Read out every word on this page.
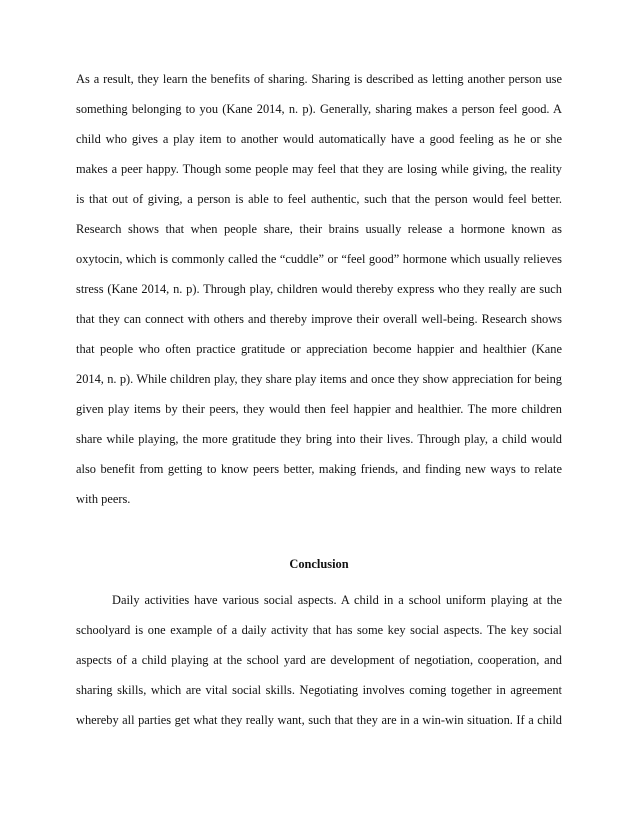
As a result, they learn the benefits of sharing. Sharing is described as letting another person use
something belonging to you (Kane 2014, n. p). Generally, sharing makes a person feel good. A
child who gives a play item to another would automatically have a good feeling as he or she
makes a peer happy. Though some people may feel that they are losing while giving, the reality
is that out of giving, a person is able to feel authentic, such that the person would feel better.
Research shows that when people share, their brains usually release a hormone known as
oxytocin, which is commonly called the “cuddle” or “feel good” hormone which usually relieves
stress (Kane 2014, n. p). Through play, children would thereby express who they really are such
that they can connect with others and thereby improve their overall well-being. Research shows
that people who often practice gratitude or appreciation become happier and healthier (Kane
2014, n. p). While children play, they share play items and once they show appreciation for being
given play items by their peers, they would then feel happier and healthier. The more children
share while playing, the more gratitude they bring into their lives. Through play, a child would
also benefit from getting to know peers better, making friends, and finding new ways to relate
with peers.
Conclusion
Daily activities have various social aspects. A child in a school uniform playing at the
schoolyard is one example of a daily activity that has some key social aspects. The key social
aspects of a child playing at the school yard are development of negotiation, cooperation, and
sharing skills, which are vital social skills. Negotiating involves coming together in agreement
whereby all parties get what they really want, such that they are in a win-win situation. If a child
